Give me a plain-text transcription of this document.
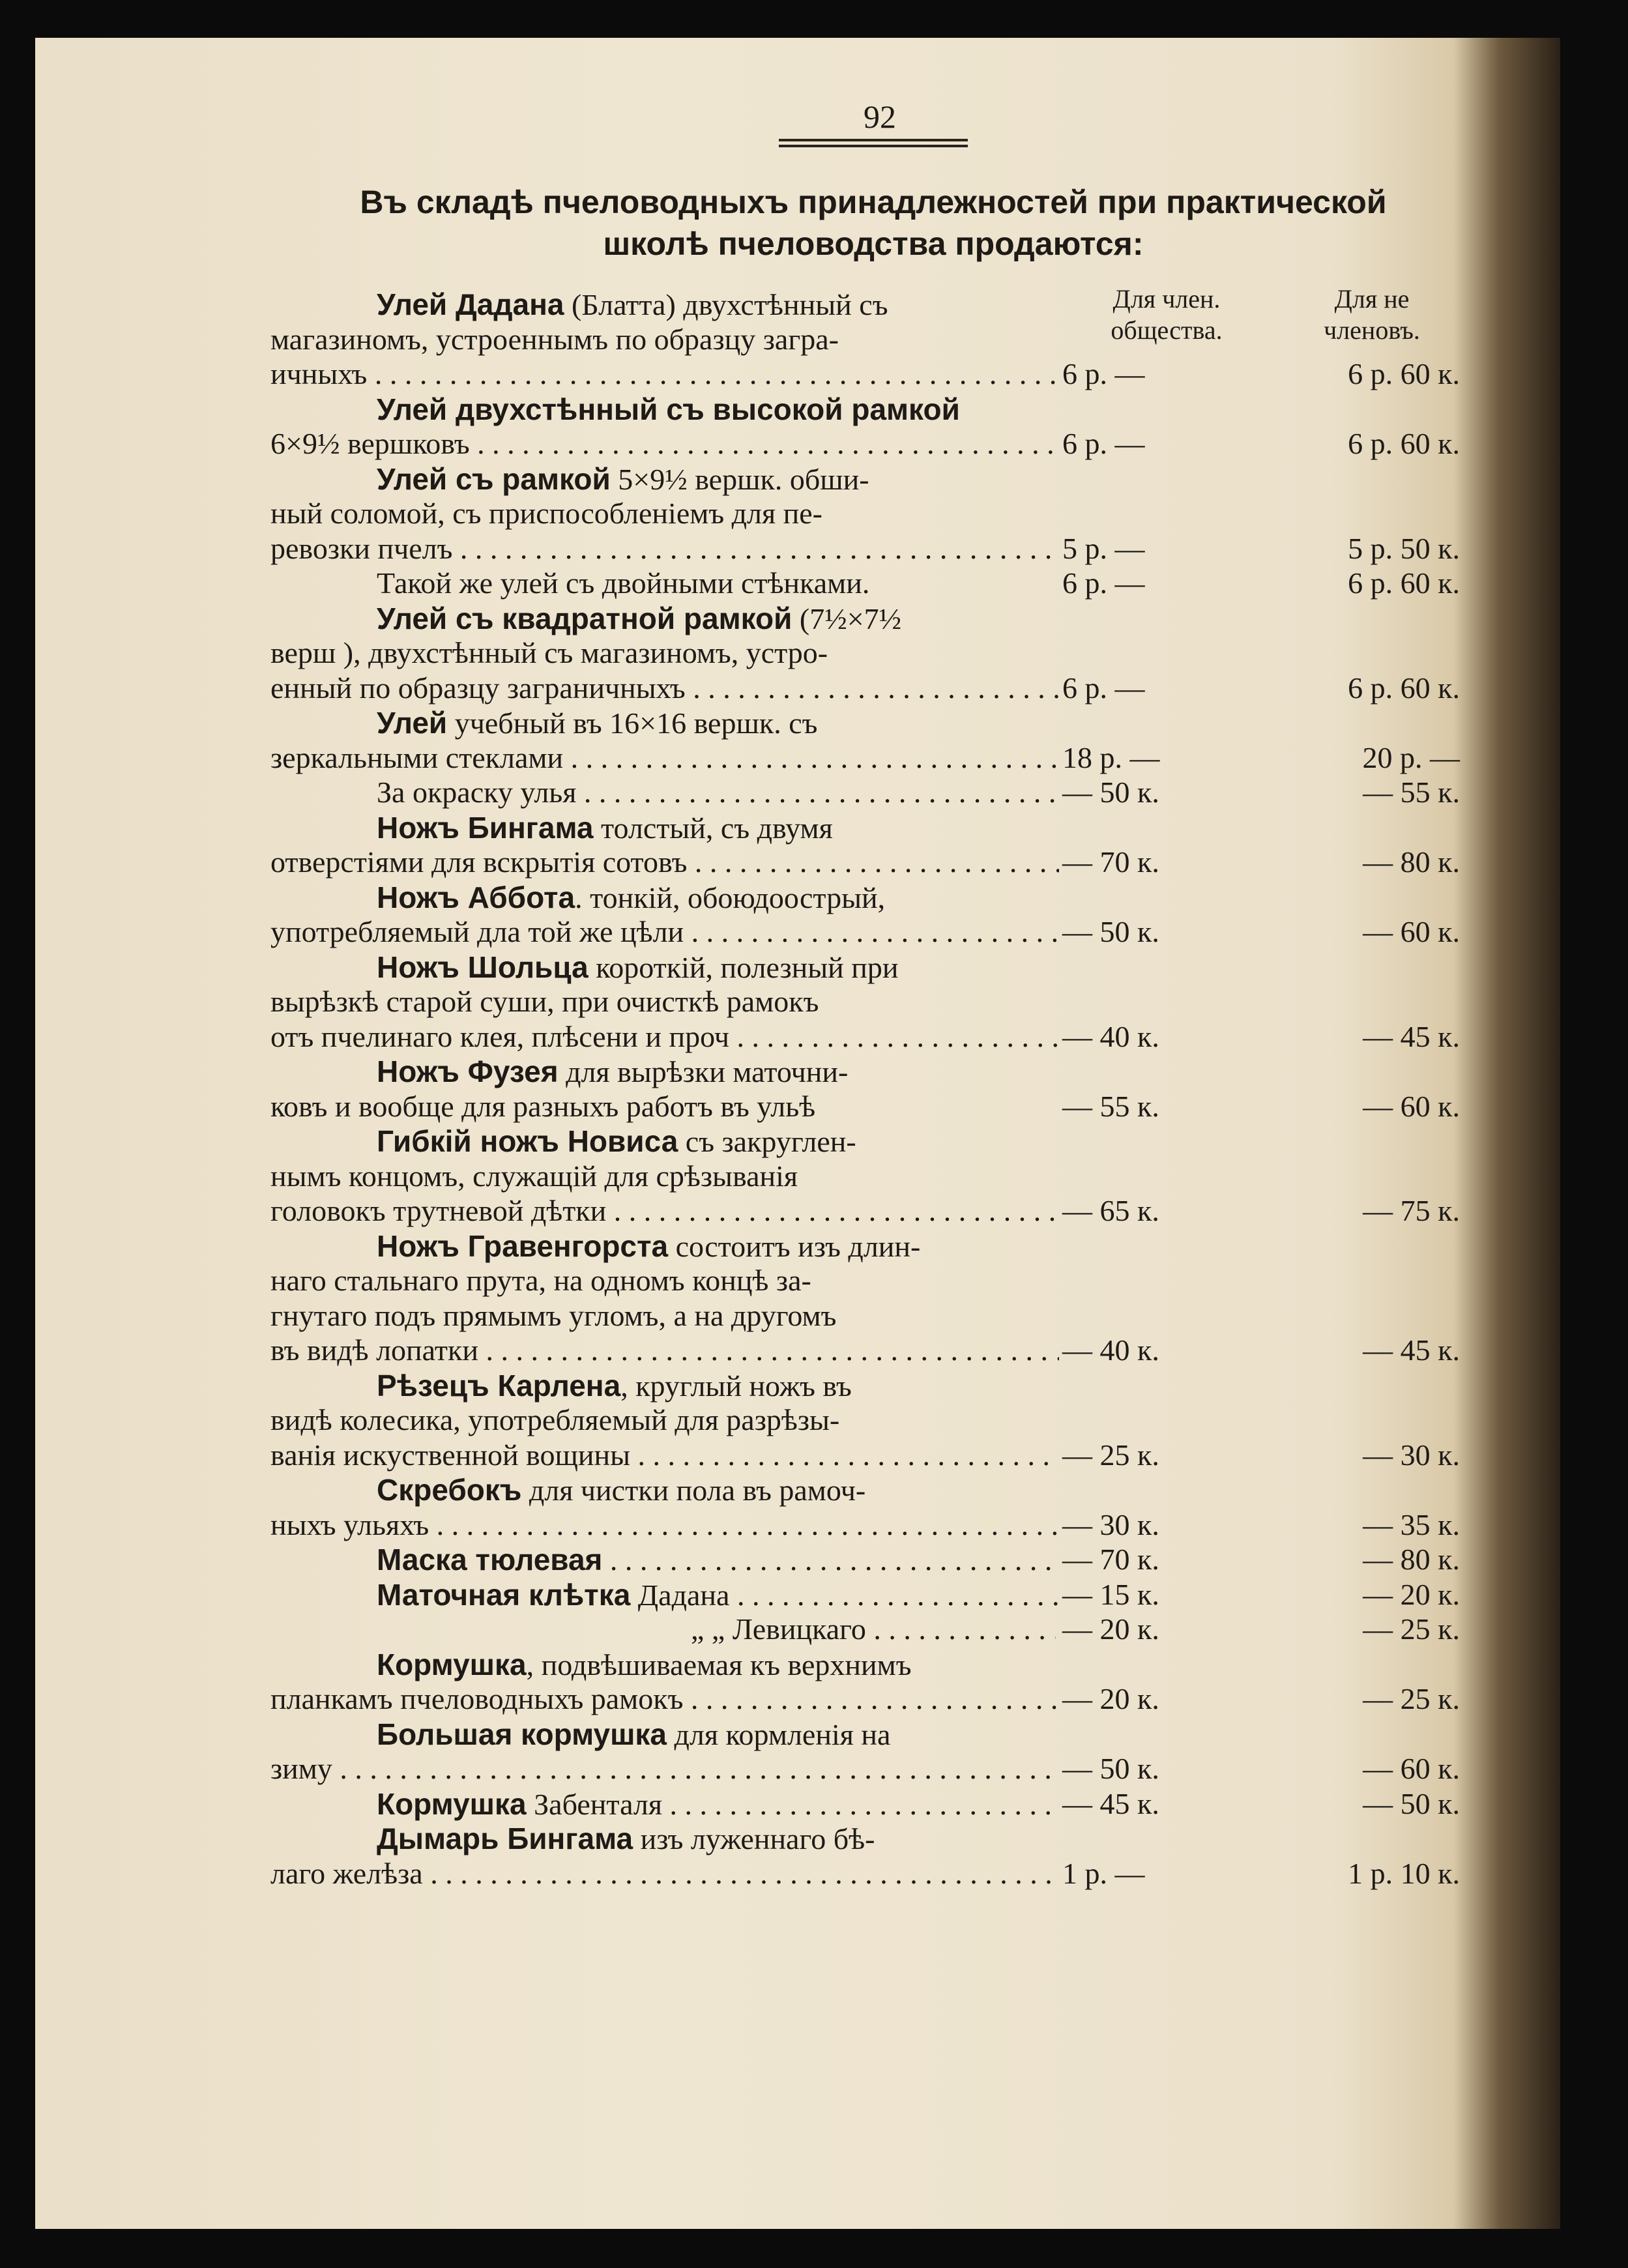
92
Въ складѣ пчеловодныхъ принадлежностей при практической
школѣ пчеловодства продаются:
Для член. общества.
Для не членовъ.
Улей Дадана (Блатта) двухстѣнный съ
магазиномъ, устроеннымъ по образцу загра-
ичныхъ . . .	6 р. —	6 р. 60 к.
Улей двухстѣнный съ высокой рамкой
6×9½ вершковъ . . .	6 р. —	6 р. 60 к.
Улей съ рамкой 5×9½ вершк. обши-
ный соломой, съ приспособленіемъ для пе-
ревозки пчелъ . . .	5 р. —	5 р. 50 к.
Такой же улей съ двойными стѣнками.	6 р. —	6 р. 60 к.
Улей съ квадратной рамкой (7½×7½
верш ), двухстѣнный съ магазиномъ, устро-
енный по образцу заграничныхъ . . .	6 р. —	6 р. 60 к.
Улей учебный въ 16×16 вершк. съ
зеркальными стеклами . . .	18 р. —	20 р. —
За окраску улья . . .	— 50 к.	— 55 к.
Ножъ Бингама толстый, съ двумя
отверстіями для вскрытія сотовъ . . .	— 70 к.	— 80 к.
Ножъ Аббота. тонкій, обоюдоострый,
употребляемый дла той же цѣли . . .	— 50 к.	— 60 к.
Ножъ Шольца короткій, полезный при
вырѣзкѣ старой суши, при очисткѣ рамокъ
отъ пчелинаго клея, плѣсени и проч . . .	— 40 к.	— 45 к.
Ножъ Фузея для вырѣзки маточни-
ковъ и вообще для разныхъ работъ въ ульѣ	— 55 к.	— 60 к.
Гибкій ножъ Новиса съ закруглен-
нымъ концомъ, служащій для срѣзыванія
головокъ трутневой дѣтки . . .	— 65 к.	— 75 к.
Ножъ Гравенгорста состоитъ изъ длин-
наго стальнаго прута, на одномъ концѣ за-
гнутаго подъ прямымъ угломъ, а на другомъ
въ видѣ лопатки . . .	— 40 к.	— 45 к.
Рѣзецъ Карлена, круглый ножъ въ
видѣ колесика, употребляемый для разрѣзы-
ванія искуственной вощины . . .	— 25 к.	— 30 к.
Скребокъ для чистки пола въ рамоч-
ныхъ ульяхъ . . .	— 30 к.	— 35 к.
Маска тюлевая . . .	— 70 к.	— 80 к.
Маточная клѣтка Дадана . . .	— 15 к.	— 20 к.
„ „ Левицкаго . . .	— 20 к.	— 25 к.
Кормушка, подвѣшиваемая къ верхнимъ
планкамъ пчеловодныхъ рамокъ . . .	— 20 к.	— 25 к.
Большая кормушка для кормленія на
зиму . . .	— 50 к.	— 60 к.
Кормушка Забенталя . . .	— 45 к.	— 50 к.
Дымарь Бингама изъ луженнаго бѣ-
лаго желѣза . . .	1 р. —	1 р. 10 к.
